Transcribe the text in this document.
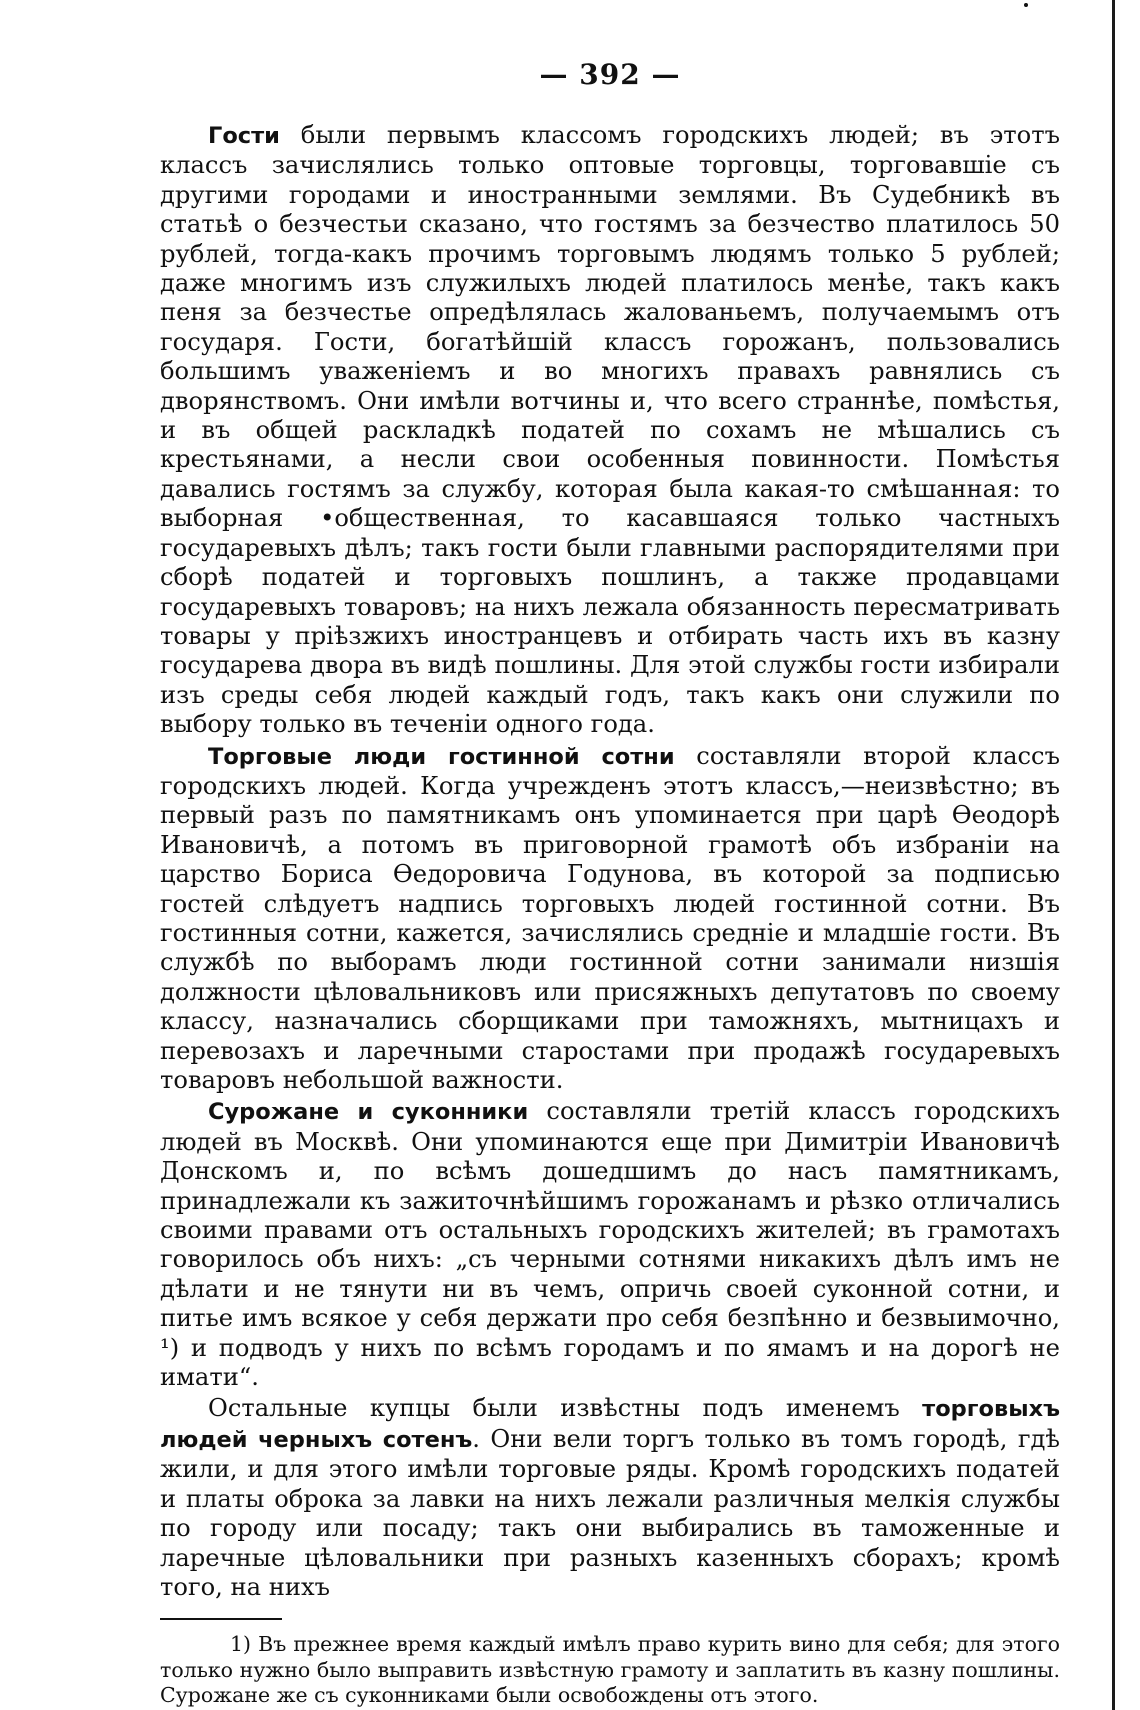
— 392 —

Гости были первымъ классомъ городскихъ людей; въ этотъ классъ зачислялись только оптовые торговцы, торговавшіе съ другими городами и иностранными землями. Въ Судебникѣ въ статьѣ о безчестьи сказано, что гостямъ за безчество платилось 50 рублей, тогда-какъ прочимъ торговымъ людямъ только 5 рублей; даже многимъ изъ служилыхъ людей платилось менѣе, такъ какъ пеня за безчестье опредѣлялась жалованьемъ, получаемымъ отъ государя. Гости, богатѣйшій классъ горожанъ, пользовались большимъ уваженіемъ и во многихъ правахъ равнялись съ дворянствомъ. Они имѣли вотчины и, что всего страннѣе, помѣстья, и въ общей раскладкѣ податей по сохамъ не мѣшались съ крестьянами, а несли свои особенныя повинности. Помѣстья давались гостямъ за службу, которая была какая-то смѣшанная: то выборная •общественная, то касавшаяся только частныхъ государевыхъ дѣлъ; такъ гости были главными распорядителями при сборѣ податей и торговыхъ пошлинъ, а также продавцами государевыхъ товаровъ; на нихъ лежала обязанность пересматривать товары у пріѣзжихъ иностранцевъ и отбирать часть ихъ въ казну государева двора въ видѣ пошлины. Для этой службы гости избирали изъ среды себя людей каждый годъ, такъ какъ они служили по выбору только въ теченіи одного года.

Торговые люди гостинной сотни составляли второй классъ городскихъ людей. Когда учрежденъ этотъ классъ,—неизвѣстно; въ первый разъ по памятникамъ онъ упоминается при царѣ Ѳеодорѣ Ивановичѣ, а потомъ въ приговорной грамотѣ объ избраніи на царство Бориса Ѳедоровича Годунова, въ которой за подписью гостей слѣдуетъ надпись торговыхъ людей гостинной сотни. Въ гостинныя сотни, кажется, зачислялись средніе и младшіе гости. Въ службѣ по выборамъ люди гостинной сотни занимали низшія должности цѣловальниковъ или присяжныхъ депутатовъ по своему классу, назначались сборщиками при таможняхъ, мытницахъ и перевозахъ и ларечными старостами при продажѣ государевыхъ товаровъ небольшой важности.

Сурожане и суконники составляли третій классъ городскихъ людей въ Москвѣ. Они упоминаются еще при Димитріи Ивановичѣ Донскомъ и, по всѣмъ дошедшимъ до насъ памятникамъ, принадлежали къ зажиточнѣйшимъ горожанамъ и рѣзко отличались своими правами отъ остальныхъ городскихъ жителей; въ грамотахъ говорилось объ нихъ: „съ черными сотнями никакихъ дѣлъ имъ не дѣлати и не тянути ни въ чемъ, опричь своей суконной сотни, и питье имъ всякое у себя держати про себя безпѣнно и безвыимочно, ¹) и подводъ у нихъ по всѣмъ городамъ и по ямамъ и на дорогѣ не имати“.

Остальные купцы были извѣстны подъ именемъ торговыхъ людей черныхъ сотенъ. Они вели торгъ только въ томъ городѣ, гдѣ жили, и для этого имѣли торговые ряды. Кромѣ городскихъ податей и платы оброка за лавки на нихъ лежали различныя мелкія службы по городу или посаду; такъ они выбирались въ таможенные и ларечные цѣловальники при разныхъ казенныхъ сборахъ; кромѣ того, на нихъ

1) Въ прежнее время каждый имѣлъ право курить вино для себя; для этого только нужно было выправить извѣстную грамоту и заплатить въ казну пошлины. Сурожане же съ суконниками были освобождены отъ этого.
